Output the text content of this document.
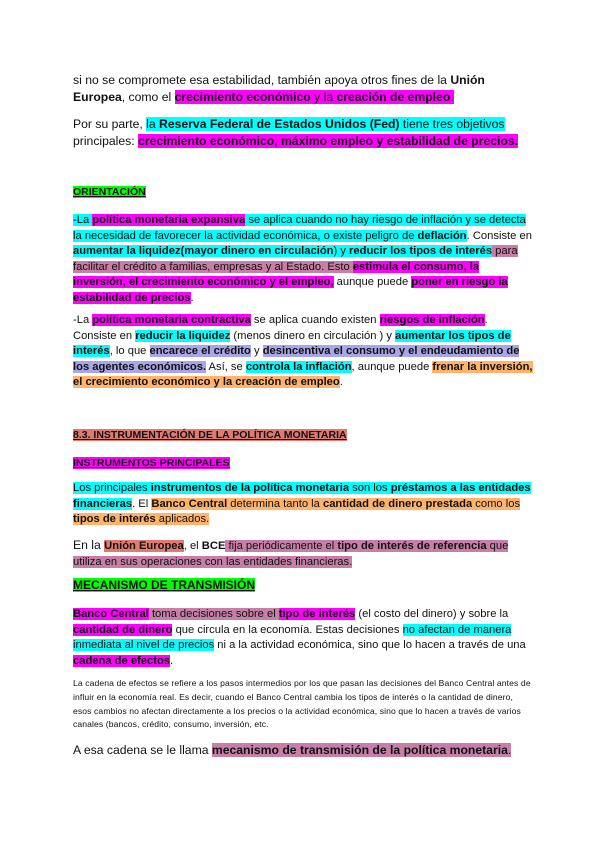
si no se compromete esa estabilidad, también apoya otros fines de la Unión Europea, como el crecimiento económico y la creación de empleo.
Por su parte, la Reserva Federal de Estados Unidos (Fed) tiene tres objetivos
principales: crecimiento económico, máximo empleo y estabilidad de precios.
ORIENTACIÓN
-La política monetaria expansiva se aplica cuando no hay riesgo de inflación y se detecta la necesidad de favorecer la actividad económica, o existe peligro de deflación. Consiste en aumentar la liquidez(mayor dinero en circulación) y reducir los tipos de interés para facilitar el crédito a familias, empresas y al Estado. Esto estimula el consumo, la inversión, el crecimiento económico y el empleo, aunque puede poner en riesgo la estabilidad de precios.
-La política monetaria contractiva se aplica cuando existen riesgos de inflación. Consiste en reducir la liquidez (menos dinero en circulación ) y aumentar los tipos de interés, lo que encarece el crédito y desincentiva el consumo y el endeudamiento de los agentes económicos. Así, se controla la inflación, aunque puede frenar la inversión, el crecimiento económico y la creación de empleo.
8.3. INSTRUMENTACIÓN DE LA POLÍTICA MONETARIA
INSTRUMENTOS PRINCIPALES
Los principales instrumentos de la política monetaria son los préstamos a las entidades financieras. El Banco Central determina tanto la cantidad de dinero prestada como los tipos de interés aplicados.
En la Unión Europea, el BCE fija periódicamente el tipo de interés de referencia que utiliza en sus operaciones con las entidades financieras.
MECANISMO DE TRANSMISIÓN
Banco Central toma decisiones sobre el tipo de interés (el costo del dinero) y sobre la cantidad de dinero que circula en la economía. Estas decisiones no afectan de manera inmediata al nivel de precios ni a la actividad económica, sino que lo hacen a través de una cadena de efectos.
La cadena de efectos se refiere a los pasos intermedios por los que pasan las decisiones del Banco Central antes de influir en la economía real. Es decir, cuando el Banco Central cambia los tipos de interés o la cantidad de dinero, esos cambios no afectan directamente a los precios o la actividad económica, sino que lo hacen a través de varios canales (bancos, crédito, consumo, inversión, etc.
A esa cadena se le llama mecanismo de transmisión de la política monetaria.
